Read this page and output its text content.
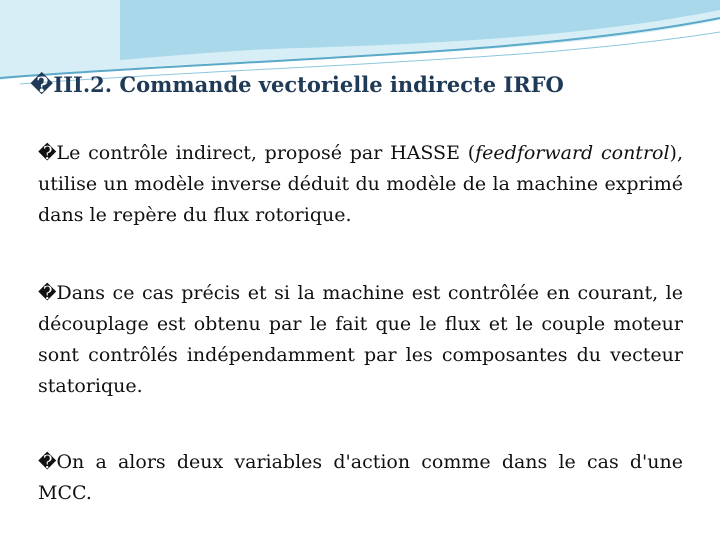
�III.2. Commande vectorielle indirecte IRFO
�Le contrôle indirect, proposé par HASSE (feedforward control), utilise un modèle inverse déduit du modèle de la machine exprimé dans le repère du flux rotorique.
�Dans ce cas précis et si la machine est contrôlée en courant, le découplage est obtenu par le fait que le flux et le couple moteur sont contrôlés indépendamment par les composantes du vecteur statorique.
�On a alors deux variables d'action comme dans le cas d'une MCC.
